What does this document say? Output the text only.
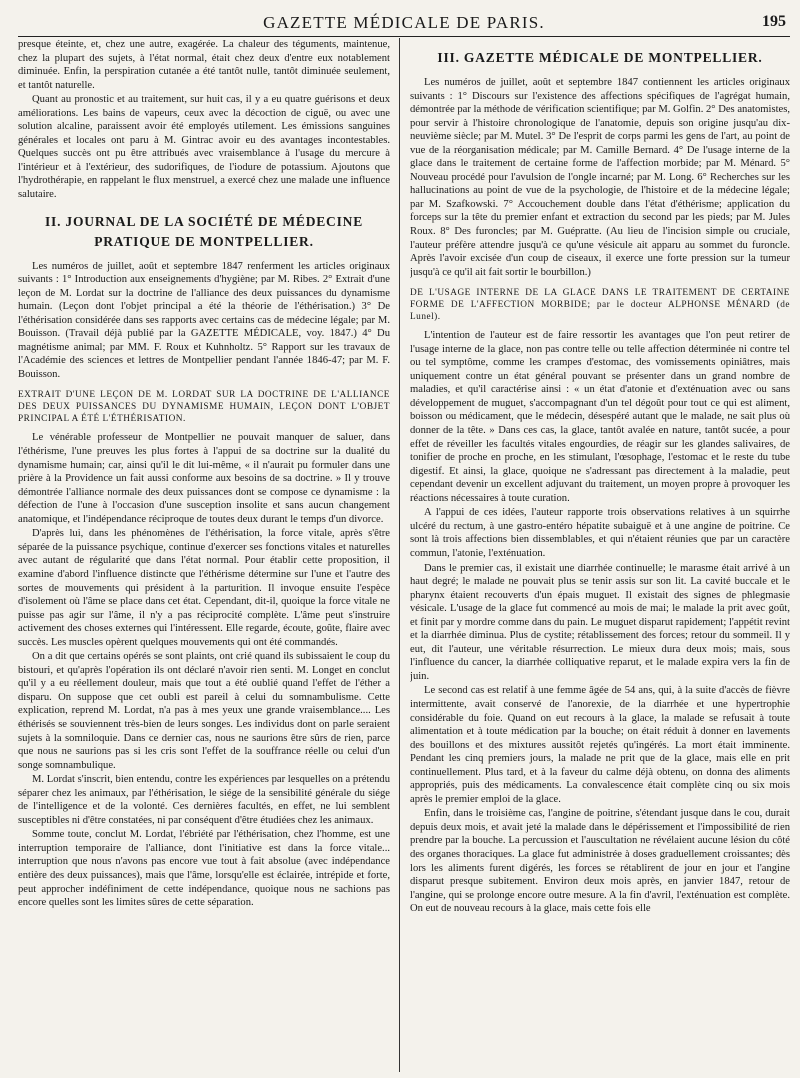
GAZETTE MÉDICALE DE PARIS.	195

presque éteinte, et, chez une autre, exagérée. La chaleur des téguments, maintenue, chez la plupart des sujets, à l'état normal, était chez deux d'entre eux notablement diminuée. Enfin, la perspiration cutanée a été tantôt nulle, tantôt diminuée seulement, et tantôt naturelle.

Quant au pronostic et au traitement, sur huit cas, il y a eu quatre guérisons et deux améliorations. Les bains de vapeurs, ceux avec la décoction de ciguë, ou avec une solution alcaline, paraissent avoir été employés utilement. Les émissions sanguines générales et locales ont paru à M. Gintrac avoir eu des avantages incontestables. Quelques succès ont pu être attribués avec vraisemblance à l'usage du mercure à l'intérieur et à l'extérieur, des sudorifiques, de l'iodure de potassium. Ajoutons que l'hydrothérapie, en rappelant le flux menstruel, a exercé chez une malade une influence salutaire.

II. JOURNAL DE LA SOCIÉTÉ DE MÉDECINE PRATIQUE DE MONTPELLIER.

Les numéros de juillet, août et septembre 1847 renferment les articles originaux suivants : 1° Introduction aux enseignements d'hygiène; par M. Ribes. 2° Extrait d'une leçon de M. Lordat sur la doctrine de l'alliance des deux puissances du dynamisme humain. (Leçon dont l'objet principal a été la théorie de l'éthérisation.) 3° De l'éthérisation considérée dans ses rapports avec certains cas de médecine légale; par M. Bouisson. (Travail déjà publié par la GAZETTE MÉDICALE, voy. 1847.) 4° Du magnétisme animal; par MM. F. Roux et Kuhnholtz. 5° Rapport sur les travaux de l'Académie des sciences et lettres de Montpellier pendant l'année 1846-47; par M. F. Bouisson.

EXTRAIT D'UNE LEÇON DE M. LORDAT SUR LA DOCTRINE DE L'ALLIANCE DES DEUX PUISSANCES DU DYNAMISME HUMAIN, LEÇON DONT L'OBJET PRINCIPAL A ÉTÉ L'ÉTHÉRISATION.

Le vénérable professeur de Montpellier ne pouvait manquer de saluer, dans l'éthérisme, l'une preuves les plus fortes à l'appui de sa doctrine sur la dualité du dynamisme humain; car, ainsi qu'il le dit lui-même, « il n'aurait pu formuler dans une prière à la Providence un fait aussi conforme aux besoins de sa doctrine. » Il y trouve démontrée l'alliance normale des deux puissances dont se compose ce dynamisme : la défection de l'une à l'occasion d'une susception insolite et sans aucun changement anatomique, et l'indépendance réciproque de toutes deux durant le temps d'un divorce.

D'après lui, dans les phénomènes de l'éthérisation, la force vitale, après s'être séparée de la puissance psychique, continue d'exercer ses fonctions vitales et naturelles avec autant de régularité que dans l'état normal. Pour établir cette proposition, il examine d'abord l'influence distincte que l'éthérisme détermine sur l'une et l'autre des sortes de mouvements qui président à la parturition. Il invoque ensuite l'espèce d'isolement où l'âme se place dans cet état. Cependant, dit-il, quoique la force vitale ne puisse pas agir sur l'âme, il n'y a pas réciprocité complète. L'âme peut s'instruire activement des choses externes qui l'intéressent. Elle regarde, écoute, goûte, flaire avec succès. Les muscles opèrent quelques mouvements qui ont été commandés.

On a dit que certains opérés se sont plaints, ont crié quand ils subissaient le coup du bistouri, et qu'après l'opération ils ont déclaré n'avoir rien senti. M. Longet en conclut qu'il y a eu réellement douleur, mais que tout a été oublié quand l'effet de l'éther a disparu. On suppose que cet oubli est pareil à celui du somnambulisme. Cette explication, reprend M. Lordat, n'a pas à mes yeux une grande vraisemblance.... Les éthérisés se souviennent très-bien de leurs songes. Les individus dont on parle seraient sujets à la somniloquie. Dans ce dernier cas, nous ne saurions être sûrs de rien, parce que nous ne saurions pas si les cris sont l'effet de la souffrance réelle ou celui d'un songe somnambulique.

M. Lordat s'inscrit, bien entendu, contre les expériences par lesquelles on a prétendu séparer chez les animaux, par l'éthérisation, le siége de la sensibilité générale du siége de l'intelligence et de la volonté. Ces dernières facultés, en effet, ne lui semblent susceptibles ni d'être constatées, ni par conséquent d'être étudiées chez les animaux.

Somme toute, conclut M. Lordat, l'ébriété par l'éthérisation, chez l'homme, est une interruption temporaire de l'alliance, dont l'initiative est dans la force vitale... interruption que nous n'avons pas encore vue tout à fait absolue (avec indépendance entière des deux puissances), mais que l'âme, lorsqu'elle est éclairée, intrépide et forte, peut approcher indéfiniment de cette indépendance, quoique nous ne sachions pas encore quelles sont les limites sûres de cette séparation.

III. GAZETTE MÉDICALE DE MONTPELLIER.

Les numéros de juillet, août et septembre 1847 contiennent les articles originaux suivants : 1° Discours sur l'existence des affections spécifiques de l'agrégat humain, démontrée par la méthode de vérification scientifique; par M. Golfin. 2° Des anatomistes, pour servir à l'histoire chronologique de l'anatomie, depuis son origine jusqu'au dix-neuvième siècle; par M. Mutel. 3° De l'esprit de corps parmi les gens de l'art, au point de vue de la réorganisation médicale; par M. Camille Bernard. 4° De l'usage interne de la glace dans le traitement de certaine forme de l'affection morbide; par M. Ménard. 5° Nouveau procédé pour l'avulsion de l'ongle incarné; par M. Long. 6° Recherches sur les hallucinations au point de vue de la psychologie, de l'histoire et de la médecine légale; par M. Szafkowski. 7° Accouchement double dans l'état d'éthérisme; application du forceps sur la tête du premier enfant et extraction du second par les pieds; par M. Jules Roux. 8° Des furoncles; par M. Guépratte. (Au lieu de l'incision simple ou cruciale, l'auteur préfère attendre jusqu'à ce qu'une vésicule ait apparu au sommet du furoncle. Après l'avoir excisée d'un coup de ciseaux, il exerce une forte pression sur la tumeur jusqu'à ce qu'il ait fait sortir le bourbillon.)

DE L'USAGE INTERNE DE LA GLACE DANS LE TRAITEMENT DE CERTAINE FORME DE L'AFFECTION MORBIDE; par le docteur ALPHONSE MÉNARD (de Lunel).

L'intention de l'auteur est de faire ressortir les avantages que l'on peut retirer de l'usage interne de la glace, non pas contre telle ou telle affection déterminée ni contre tel ou tel symptôme, comme les crampes d'estomac, des vomissements opiniâtres, mais uniquement contre un état général pouvant se présenter dans un grand nombre de maladies, et qu'il caractérise ainsi : « un état d'atonie et d'exténuation avec ou sans développement de muguet, s'accompagnant d'un tel dégoût pour tout ce qui est aliment, boisson ou médicament, que le médecin, désespéré autant que le malade, ne sait plus où donner de la tête. » Dans ces cas, la glace, tantôt avalée en nature, tantôt sucée, a pour effet de réveiller les facultés vitales engourdies, de réagir sur les glandes salivaires, de tonifier de proche en proche, en les stimulant, l'œsophage, l'estomac et le reste du tube digestif. Et ainsi, la glace, quoique ne s'adressant pas directement à la maladie, peut cependant devenir un excellent adjuvant du traitement, un moyen propre à provoquer les réactions nécessaires à toute curation.

A l'appui de ces idées, l'auteur rapporte trois observations relatives à un squirrhe ulcéré du rectum, à une gastro-entéro hépatite subaiguë et à une angine de poitrine. Ce sont là trois affections bien dissemblables, et qui n'étaient réunies que par un caractère commun, l'atonie, l'exténuation.

Dans le premier cas, il existait une diarrhée continuelle; le marasme était arrivé à un haut degré; le malade ne pouvait plus se tenir assis sur son lit. La cavité buccale et le pharynx étaient recouverts d'un épais muguet. Il existait des signes de phlegmasie vésicale. L'usage de la glace fut commencé au mois de mai; le malade la prit avec goût, et finit par y mordre comme dans du pain. Le muguet disparut rapidement; l'appétit revint et la diarrhée diminua. Plus de cystite; rétablissement des forces; retour du sommeil. Il y eut, dit l'auteur, une véritable résurrection. Le mieux dura deux mois; mais, sous l'influence du cancer, la diarrhée colliquative reparut, et le malade expira vers la fin de juin.

Le second cas est relatif à une femme âgée de 54 ans, qui, à la suite d'accès de fièvre intermittente, avait conservé de l'anorexie, de la diarrhée et une hypertrophie considérable du foie. Quand on eut recours à la glace, la malade se refusait à toute alimentation et à toute médication par la bouche; on était réduit à donner en lavements des bouillons et des mixtures aussitôt rejetés qu'ingérés. La mort était imminente. Pendant les cinq premiers jours, la malade ne prit que de la glace, mais elle en prit continuellement. Plus tard, et à la faveur du calme déjà obtenu, on donna des aliments appropriés, puis des médicaments. La convalescence était complète cinq ou six mois après le premier emploi de la glace.

Enfin, dans le troisième cas, l'angine de poitrine, s'étendant jusque dans le cou, durait depuis deux mois, et avait jeté la malade dans le dépérissement et l'impossibilité de rien prendre par la bouche. La percussion et l'auscultation ne révélaient aucune lésion du côté des organes thoraciques. La glace fut administrée à doses graduellement croissantes; dès lors les aliments furent digérés, les forces se rétablirent de jour en jour et l'angine disparut presque subitement. Environ deux mois après, en janvier 1847, retour de l'angine, qui se prolonge encore outre mesure. A la fin d'avril, l'exténuation est complète. On eut de nouveau recours à la glace, mais cette fois elle
